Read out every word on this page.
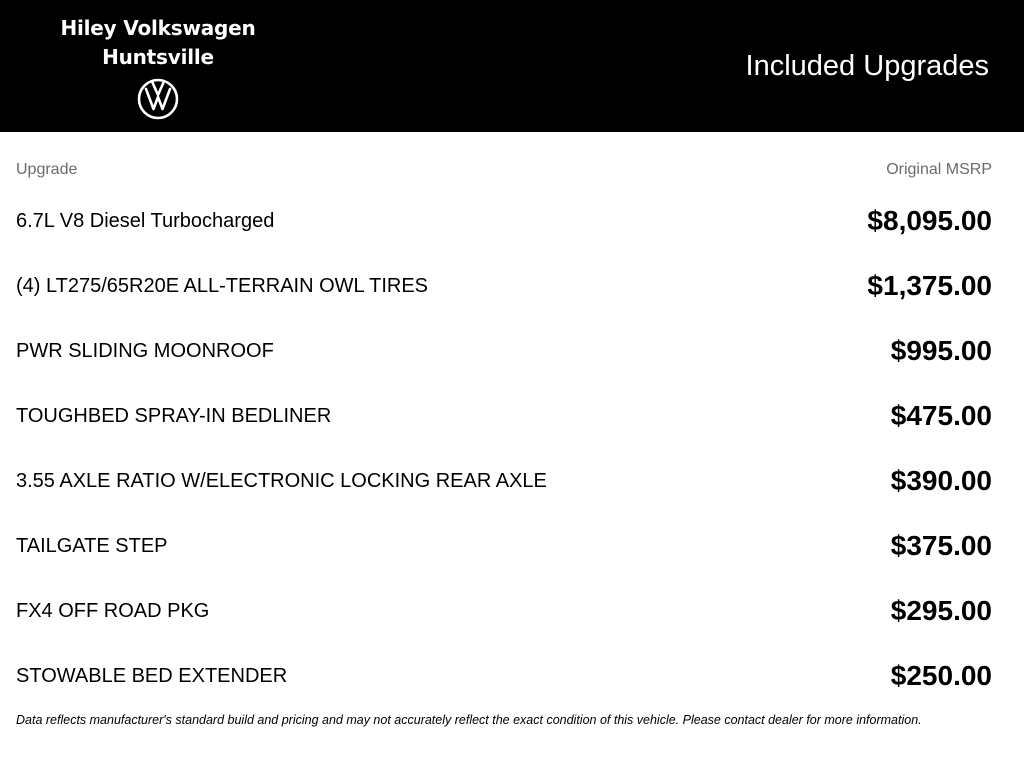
Hiley Volkswagen
Huntsville	Included Upgrades
Upgrade	Original MSRP
6.7L V8 Diesel Turbocharged	$8,095.00
(4) LT275/65R20E ALL-TERRAIN OWL TIRES	$1,375.00
PWR SLIDING MOONROOF	$995.00
TOUGHBED SPRAY-IN BEDLINER	$475.00
3.55 AXLE RATIO W/ELECTRONIC LOCKING REAR AXLE	$390.00
TAILGATE STEP	$375.00
FX4 OFF ROAD PKG	$295.00
STOWABLE BED EXTENDER	$250.00
Data reflects manufacturer's standard build and pricing and may not accurately reflect the exact condition of this vehicle. Please contact dealer for more information.
